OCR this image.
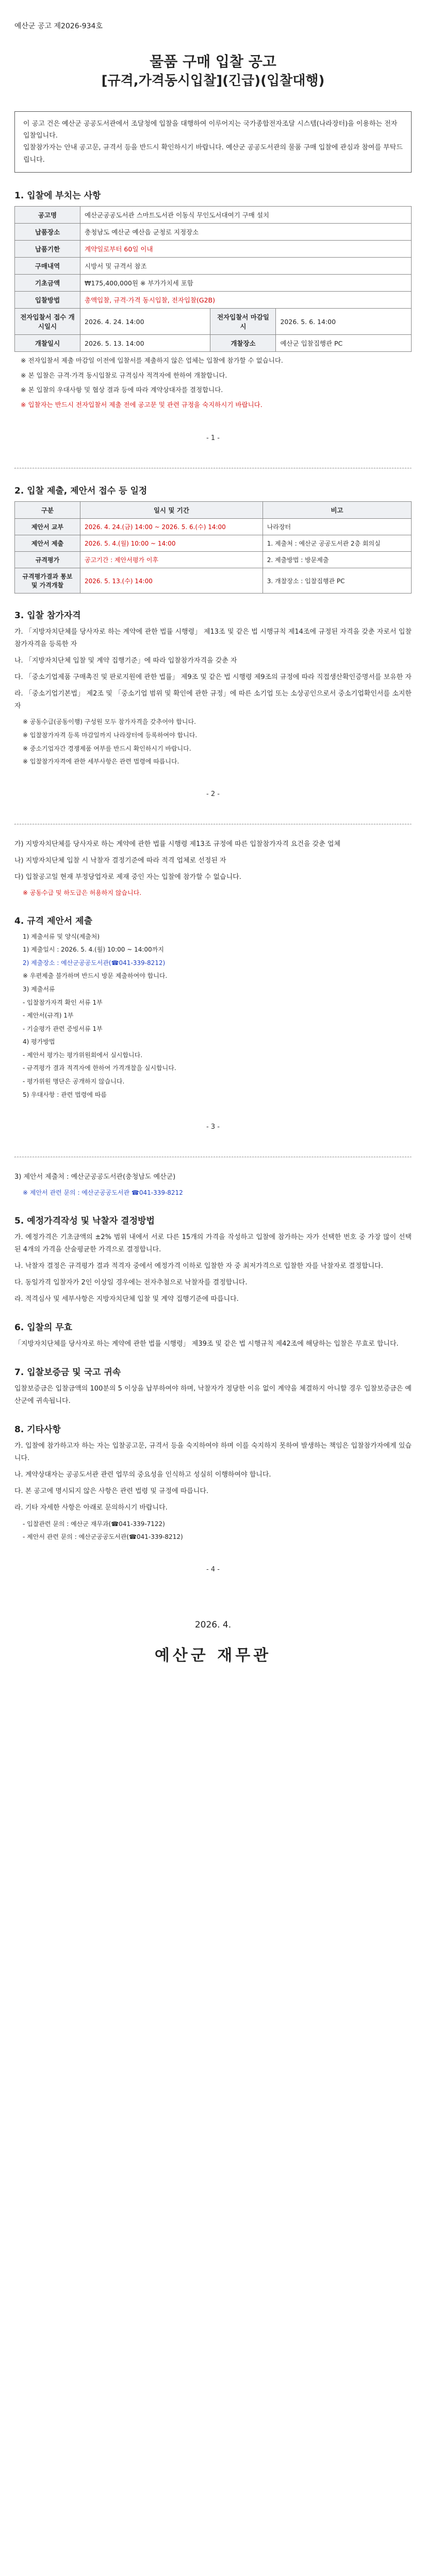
예산군 공고 제2026-934호
물품 구매 입찰 공고
[규격,가격동시입찰](긴급)(입찰대행)
이 공고 건은 예산군 공공도서관에서 조달청에 입찰을 대행하여 이루어지는 국가종합전자조달 시스템(나라장터)을 이용하는 전자입찰입니다.
입찰참가자는 안내 공고문, 규격서 등을 반드시 확인하시기 바랍니다. 예산군 공공도서관의 물품 구매 입찰에 관심과 참여를 부탁드립니다.
1. 입찰에 부치는 사항
공고명	예산군공공도서관 스마트도서관 이동식 무인도서대여기 구매 설치		
납품장소	충청남도 예산군 예산읍 군청로 지정장소		
납품기한	계약일로부터 60일 이내		
구매내역	시방서 및 규격서 참조		
기초금액	₩175,400,000원 ※ 부가가치세 포함		
입찰방법	총액입찰, 규격·가격 동시입찰, 전자입찰(G2B)		
전자입찰서 접수 개시일시	2026. 4. 24. 14:00	전자입찰서 마감일시	2026. 5. 6. 14:00
개찰일시	2026. 5. 13. 14:00	개찰장소	예산군 입찰집행관 PC
※ 전자입찰서 제출 마감일 이전에 입찰서를 제출하지 않은 업체는 입찰에 참가할 수 없습니다.
※ 본 입찰은 규격·가격 동시입찰로 규격심사 적격자에 한하여 개찰합니다.
※ 본 입찰의 우대사항 및 협상 결과 등에 따라 계약상대자를 결정합니다.
※ 입찰자는 반드시 전자입찰서 제출 전에 공고문 및 관련 규정을 숙지하시기 바랍니다.
- 1 -
2. 입찰 제출, 제안서 접수 등 일정
구분	일시 및 기간	비고
제안서 교부	2026. 4. 24.(금) 14:00 ~ 2026. 5. 6.(수) 14:00	나라장터
제안서 제출	2026. 5. 4.(월) 10:00 ~ 14:00	1. 제출처 : 예산군 공공도서관 2층 회의실
규격평가	공고기간 : 제안서평가 이후	2. 제출방법 : 방문제출
규격평가결과 통보 및 가격개찰	2026. 5. 13.(수) 14:00	3. 개찰장소 : 입찰집행관 PC
3. 입찰 참가자격
가. 「지방자치단체를 당사자로 하는 계약에 관한 법률 시행령」 제13조 및 같은 법 시행규칙 제14조에 규정된 자격을 갖춘 자로서 입찰참가자격을 등록한 자
나. 「지방자치단체 입찰 및 계약 집행기준」에 따라 입찰참가자격을 갖춘 자
다. 「중소기업제품 구매촉진 및 판로지원에 관한 법률」 제9조 및 같은 법 시행령 제9조의 규정에 따라 직접생산확인증명서를 보유한 자
라. 「중소기업기본법」 제2조 및 「중소기업 범위 및 확인에 관한 규정」에 따른 소기업 또는 소상공인으로서 중소기업확인서를 소지한 자
※ 공동수급(공동이행) 구성원 모두 참가자격을 갖추어야 합니다.
※ 입찰참가자격 등록 마감일까지 나라장터에 등록하여야 합니다.
※ 중소기업자간 경쟁제품 여부를 반드시 확인하시기 바랍니다.
※ 입찰참가자격에 관한 세부사항은 관련 법령에 따릅니다.
- 2 -
가) 지방자치단체를 당사자로 하는 계약에 관한 법률 시행령 제13조 규정에 따른 입찰참가자격 요건을 갖춘 업체
나) 지방자치단체 입찰 시 낙찰자 결정기준에 따라 적격 업체로 선정된 자
다) 입찰공고일 현재 부정당업자로 제재 중인 자는 입찰에 참가할 수 없습니다.
※ 공동수급 및 하도급은 허용하지 않습니다.
4. 규격 제안서 제출
1) 제출서류 및 양식(제출처)
1) 제출일시 : 2026. 5. 4.(월) 10:00 ~ 14:00까지
2) 제출장소 : 예산군공공도서관(☎041-339-8212)
※ 우편제출 불가하며 반드시 방문 제출하여야 합니다.
3) 제출서류
- 입찰참가자격 확인 서류 1부
- 제안서(규격) 1부
- 기술평가 관련 증빙서류 1부
4) 평가방법
- 제안서 평가는 평가위원회에서 실시합니다.
- 규격평가 결과 적격자에 한하여 가격개찰을 실시합니다.
- 평가위원 명단은 공개하지 않습니다.
5) 우대사항 : 관련 법령에 따름
- 3 -
3) 제안서 제출처 : 예산군공공도서관(충청남도 예산군)
※ 제안서 관련 문의 : 예산군공공도서관 ☎041-339-8212
5. 예정가격작성 및 낙찰자 결정방법
가. 예정가격은 기초금액의 ±2% 범위 내에서 서로 다른 15개의 가격을 작성하고 입찰에 참가하는 자가 선택한 번호 중 가장 많이 선택된 4개의 가격을 산술평균한 가격으로 결정합니다.
나. 낙찰자 결정은 규격평가 결과 적격자 중에서 예정가격 이하로 입찰한 자 중 최저가격으로 입찰한 자를 낙찰자로 결정합니다.
다. 동일가격 입찰자가 2인 이상일 경우에는 전자추첨으로 낙찰자를 결정합니다.
라. 적격심사 및 세부사항은 지방자치단체 입찰 및 계약 집행기준에 따릅니다.
6. 입찰의 무효
「지방자치단체를 당사자로 하는 계약에 관한 법률 시행령」 제39조 및 같은 법 시행규칙 제42조에 해당하는 입찰은 무효로 합니다.
7. 입찰보증금 및 국고 귀속
입찰보증금은 입찰금액의 100분의 5 이상을 납부하여야 하며, 낙찰자가 정당한 이유 없이 계약을 체결하지 아니할 경우 입찰보증금은 예산군에 귀속됩니다.
8. 기타사항
가. 입찰에 참가하고자 하는 자는 입찰공고문, 규격서 등을 숙지하여야 하며 이를 숙지하지 못하여 발생하는 책임은 입찰참가자에게 있습니다.
나. 계약상대자는 공공도서관 관련 업무의 중요성을 인식하고 성실히 이행하여야 합니다.
다. 본 공고에 명시되지 않은 사항은 관련 법령 및 규정에 따릅니다.
라. 기타 자세한 사항은 아래로 문의하시기 바랍니다.
- 입찰관련 문의 : 예산군 재무과(☎041-339-7122)
- 제안서 관련 문의 : 예산군공공도서관(☎041-339-8212)
- 4 -
2026. 4.
예산군 재무관
